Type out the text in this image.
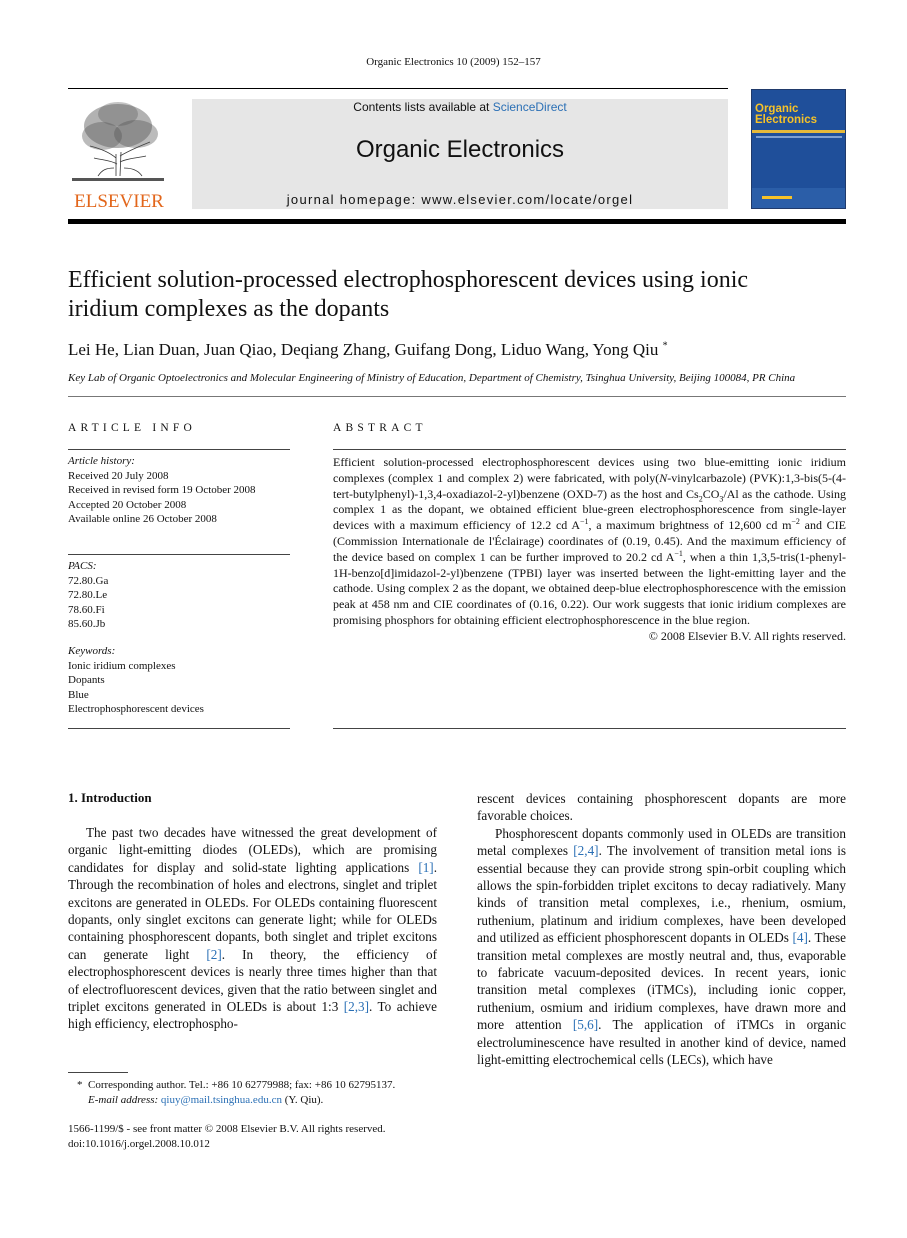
Organic Electronics 10 (2009) 152–157
ELSEVIER
Contents lists available at ScienceDirect
Organic Electronics
journal homepage: www.elsevier.com/locate/orgel
Organic
Electronics
Efficient solution-processed electrophosphorescent devices using ionic
iridium complexes as the dopants
Lei He, Lian Duan, Juan Qiao, Deqiang Zhang, Guifang Dong, Liduo Wang, Yong Qiu *
Key Lab of Organic Optoelectronics and Molecular Engineering of Ministry of Education, Department of Chemistry, Tsinghua University, Beijing 100084, PR China
ARTICLE INFO
Article history:
Received 20 July 2008
Received in revised form 19 October 2008
Accepted 20 October 2008
Available online 26 October 2008
PACS:
72.80.Ga
72.80.Le
78.60.Fi
85.60.Jb
Keywords:
Ionic iridium complexes
Dopants
Blue
Electrophosphorescent devices
ABSTRACT
Efficient solution-processed electrophosphorescent devices using two blue-emitting ionic iridium complexes (complex 1 and complex 2) were fabricated, with poly(N-vinylcarbazole) (PVK):1,3-bis(5-(4-tert-butylphenyl)-1,3,4-oxadiazol-2-yl)benzene (OXD-7) as the host and $Cs_2CO_3/Al$ as the cathode. Using complex 1 as the dopant, we obtained efficient blue-green electrophosphorescence from single-layer devices with a maximum efficiency of 12.2 cd $A^{-1}$, a maximum brightness of 12,600 cd $m^{-2}$ and CIE (Commission Internationale de l'Éclairage) coordinates of (0.19, 0.45). And the maximum efficiency of the device based on complex 1 can be further improved to 20.2 cd $A^{-1}$, when a thin 1,3,5-tris(1-phenyl-1H-benzo[d]imidazol-2-yl)benzene (TPBI) layer was inserted between the light-emitting layer and the cathode. Using complex 2 as the dopant, we obtained deep-blue electrophosphorescence with the emission peak at 458 nm and CIE coordinates of (0.16, 0.22). Our work suggests that ionic iridium complexes are promising phosphors for obtaining efficient electrophosphorescence in the blue region.
© 2008 Elsevier B.V. All rights reserved.
1. Introduction

The past two decades have witnessed the great development of organic light-emitting diodes (OLEDs), which are promising candidates for display and solid-state lighting applications [1]. Through the recombination of holes and electrons, singlet and triplet excitons are generated in OLEDs. For OLEDs containing fluorescent dopants, only singlet excitons can generate light; while for OLEDs containing phosphorescent dopants, both singlet and triplet excitons can generate light [2]. In theory, the efficiency of electrophosphorescent devices is nearly three times higher than that of electrofluorescent devices, given that the ratio between singlet and triplet excitons generated in OLEDs is about 1:3 [2,3]. To achieve high efficiency, electrophospho-

rescent devices containing phosphorescent dopants are more favorable choices.

Phosphorescent dopants commonly used in OLEDs are transition metal complexes [2,4]. The involvement of transition metal ions is essential because they can provide strong spin-orbit coupling which allows the spin-forbidden triplet excitons to decay radiatively. Many kinds of transition metal complexes, i.e., rhenium, osmium, ruthenium, platinum and iridium complexes, have been developed and utilized as efficient phosphorescent dopants in OLEDs [4]. These transition metal complexes are mostly neutral and, thus, evaporable to fabricate vacuum-deposited devices. In recent years, ionic transition metal complexes (iTMCs), including ionic copper, ruthenium, osmium and iridium complexes, have drawn more and more attention [5,6]. The application of iTMCs in organic electroluminescence have resulted in another kind of device, named light-emitting electrochemical cells (LECs), which have

* Corresponding author. Tel.: +86 10 62779988; fax: +86 10 62795137.
E-mail address: qiuy@mail.tsinghua.edu.cn (Y. Qiu).
1566-1199/$ - see front matter © 2008 Elsevier B.V. All rights reserved.
doi:10.1016/j.orgel.2008.10.012
